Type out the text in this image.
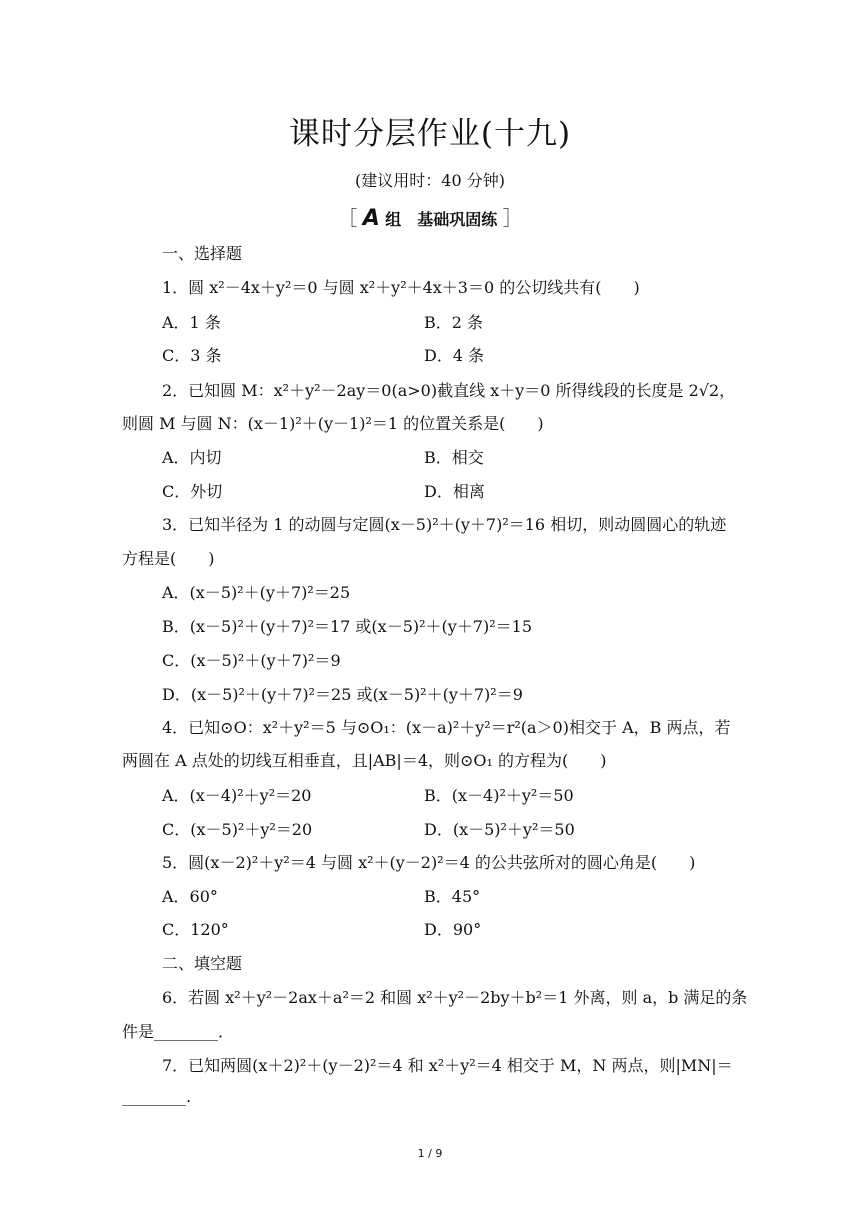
课时分层作业(十九)
(建议用时：40 分钟)
［ A 组　基础巩固练 ］
一、选择题
1．圆 x²－4x＋y²＝0 与圆 x²＋y²＋4x＋3＝0 的公切线共有(　　)
A．1 条	B．2 条
C．3 条	D．4 条
2．已知圆 M：x²＋y²－2ay＝0(a>0)截直线 x＋y＝0 所得线段的长度是 2√2，
则圆 M 与圆 N：(x－1)²＋(y－1)²＝1 的位置关系是(　　)
A．内切	B．相交
C．外切	D．相离
3．已知半径为 1 的动圆与定圆(x－5)²＋(y＋7)²＝16 相切，则动圆圆心的轨迹
方程是(　　)
A．(x－5)²＋(y＋7)²＝25
B．(x－5)²＋(y＋7)²＝17 或(x－5)²＋(y＋7)²＝15
C．(x－5)²＋(y＋7)²＝9
D．(x－5)²＋(y＋7)²＝25 或(x－5)²＋(y＋7)²＝9
4．已知⊙O：x²＋y²＝5 与⊙O₁：(x－a)²＋y²＝r²(a＞0)相交于 A，B 两点，若
两圆在 A 点处的切线互相垂直，且|AB|＝4，则⊙O₁ 的方程为(　　)
A．(x－4)²＋y²＝20	B．(x－4)²＋y²＝50
C．(x－5)²＋y²＝20	D．(x－5)²＋y²＝50
5．圆(x－2)²＋y²＝4 与圆 x²＋(y－2)²＝4 的公共弦所对的圆心角是(　　)
A．60°	B．45°
C．120°	D．90°
二、填空题
6．若圆 x²＋y²－2ax＋a²＝2 和圆 x²＋y²－2by＋b²＝1 外离，则 a，b 满足的条
件是________．
7．已知两圆(x＋2)²＋(y－2)²＝4 和 x²＋y²＝4 相交于 M，N 两点，则|MN|＝
________.
1 / 9
